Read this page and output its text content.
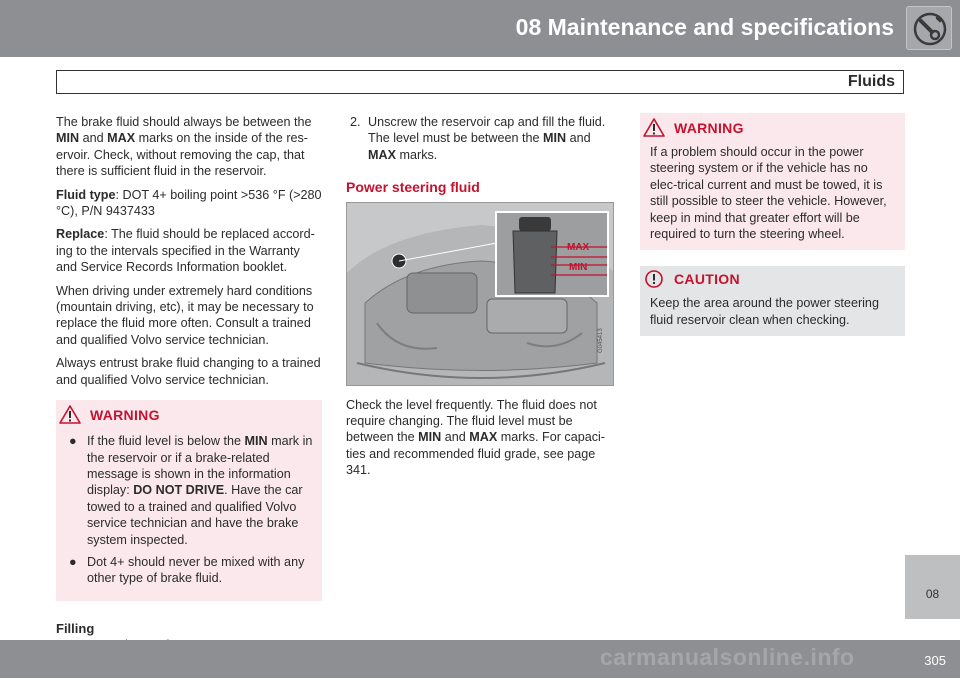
08 Maintenance and specifications
Fluids
The brake fluid should always be between the MIN and MAX marks on the inside of the res-ervoir. Check, without removing the cap, that there is sufficient fluid in the reservoir.
Fluid type: DOT 4+ boiling point >536 °F (>280 °C), P/N 9437433
Replace: The fluid should be replaced accord-ing to the intervals specified in the Warranty and Service Records Information booklet.
When driving under extremely hard conditions (mountain driving, etc), it may be necessary to replace the fluid more often. Consult a trained and qualified Volvo service technician.
Always entrust brake fluid changing to a trained and qualified Volvo service technician.
WARNING
● If the fluid level is below the MIN mark in the reservoir or if a brake-related message is shown in the information display: DO NOT DRIVE. Have the car towed to a trained and qualified Volvo service technician and have the brake system inspected.
● Dot 4+ should never be mixed with any other type of brake fluid.
Filling
2. Unscrew the reservoir cap and fill the fluid. The level must be between the MIN and MAX marks.
Power steering fluid
MAX
MIN
G045413
Check the level frequently. The fluid does not require changing. The fluid level must be between the MIN and MAX marks. For capaci-ties and recommended fluid grade, see page 341.
WARNING
If a problem should occur in the power steering system or if the vehicle has no elec-trical current and must be towed, it is still possible to steer the vehicle. However, keep in mind that greater effort will be required to turn the steering wheel.
CAUTION
Keep the area around the power steering fluid reservoir clean when checking.
08
305
carmanualsonline.info
